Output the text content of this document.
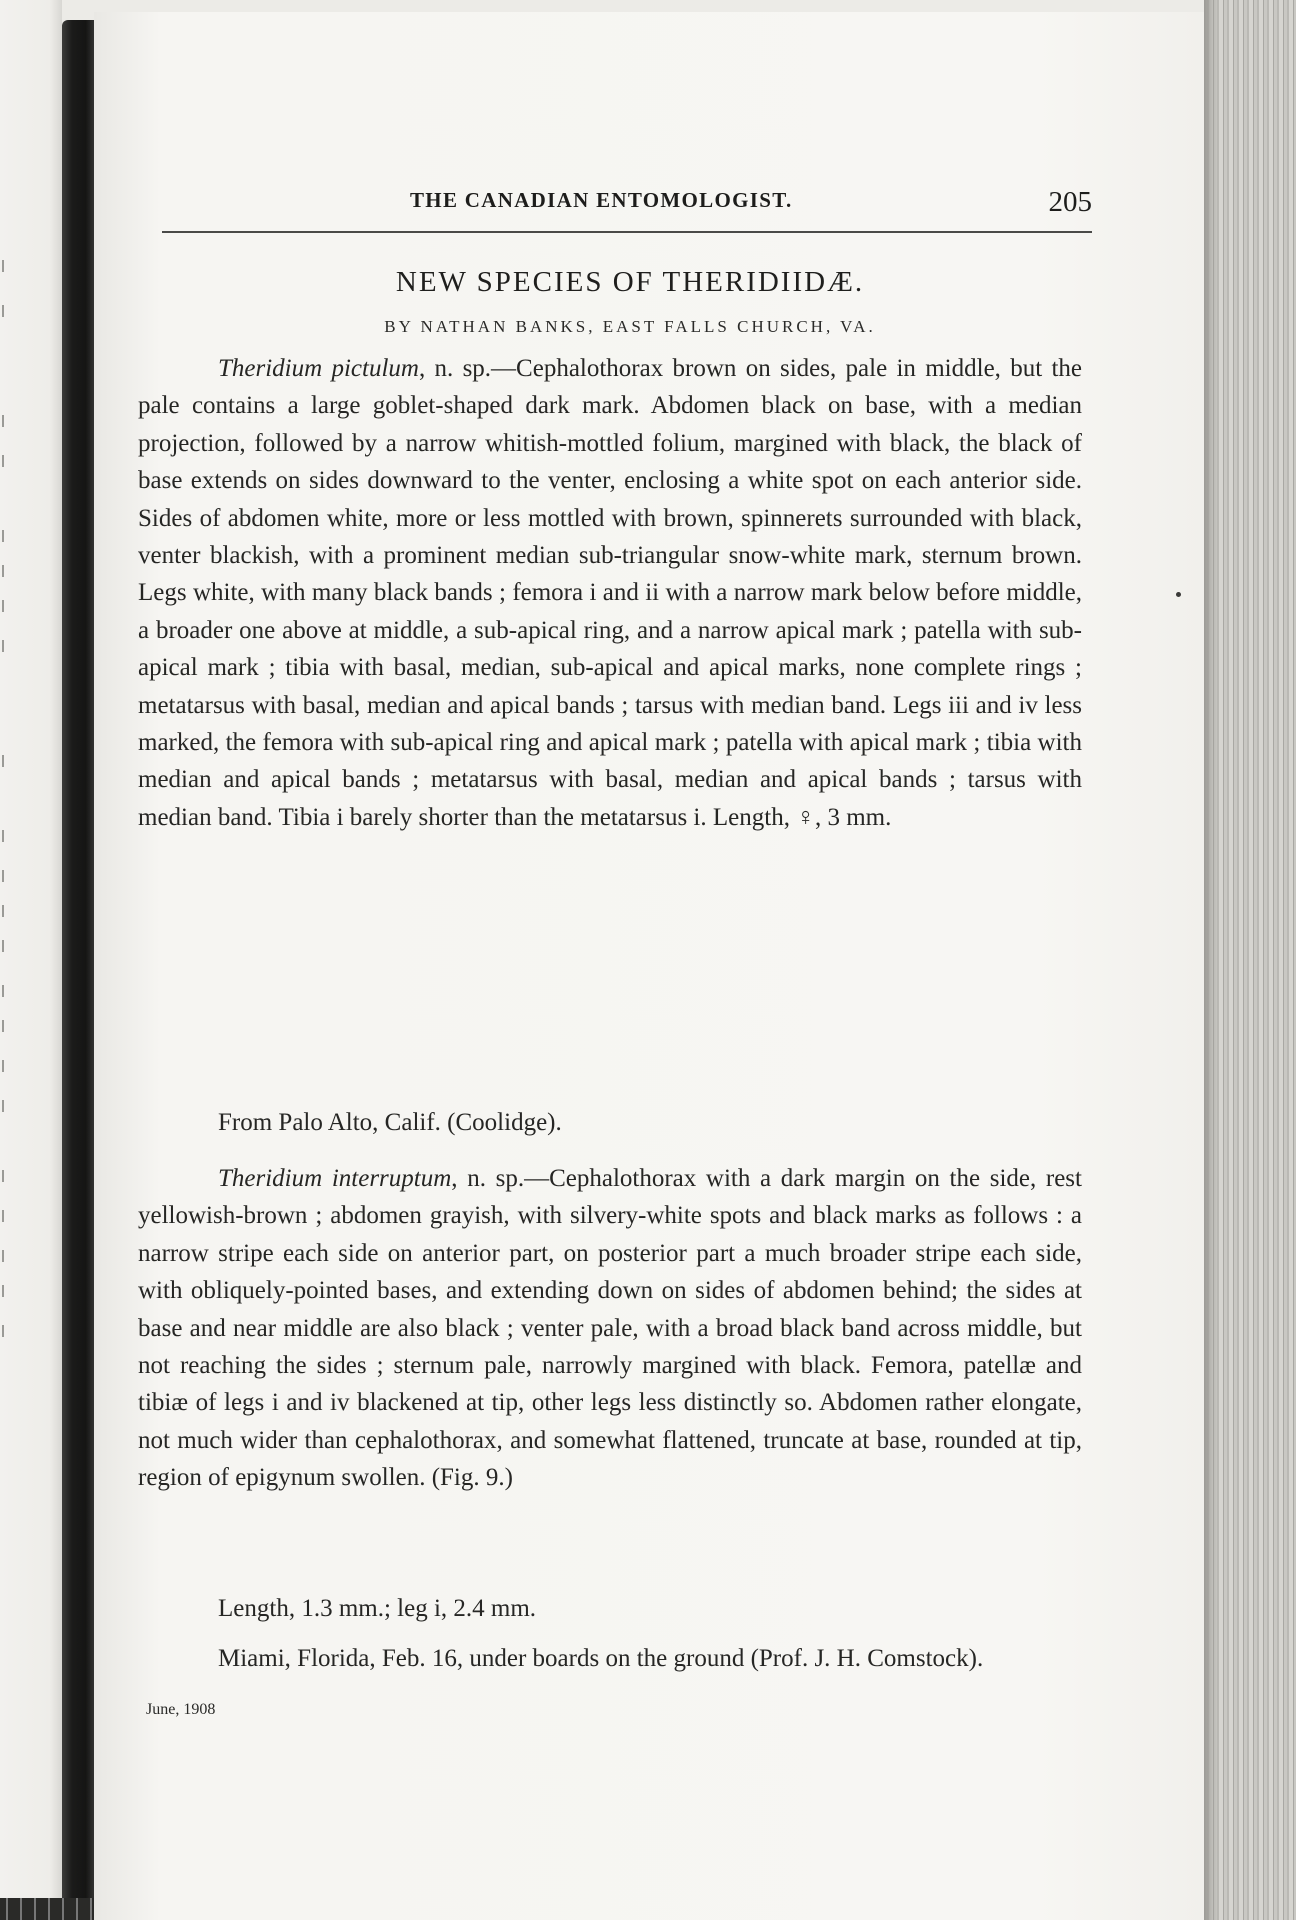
THE CANADIAN ENTOMOLOGIST.	205
NEW SPECIES OF THERIDIIDÆ.
BY NATHAN BANKS, EAST FALLS CHURCH, VA.

Theridium pictulum, n. sp.—Cephalothorax brown on sides, pale in middle, but the pale contains a large goblet-shaped dark mark. Abdomen black on base, with a median projection, followed by a narrow whitish-mottled folium, margined with black, the black of base extends on sides downward to the venter, enclosing a white spot on each anterior side. Sides of abdomen white, more or less mottled with brown, spinnerets surrounded with black, venter blackish, with a prominent median sub-triangular snow-white mark, sternum brown. Legs white, with many black bands ; femora i and ii with a narrow mark below before middle, a broader one above at middle, a sub-apical ring, and a narrow apical mark ; patella with sub-apical mark ; tibia with basal, median, sub-apical and apical marks, none complete rings ; metatarsus with basal, median and apical bands ; tarsus with median band. Legs iii and iv less marked, the femora with sub-apical ring and apical mark ; patella with apical mark ; tibia with median and apical bands ; metatarsus with basal, median and apical bands ; tarsus with median band. Tibia i barely shorter than the metatarsus i. Length, ♀, 3 mm.

From Palo Alto, Calif. (Coolidge).

Theridium interruptum, n. sp.—Cephalothorax with a dark margin on the side, rest yellowish-brown ; abdomen grayish, with silvery-white spots and black marks as follows : a narrow stripe each side on anterior part, on posterior part a much broader stripe each side, with obliquely-pointed bases, and extending down on sides of abdomen behind; the sides at base and near middle are also black ; venter pale, with a broad black band across middle, but not reaching the sides ; sternum pale, narrowly margined with black. Femora, patellæ and tibiæ of legs i and iv blackened at tip, other legs less distinctly so. Abdomen rather elongate, not much wider than cephalothorax, and somewhat flattened, truncate at base, rounded at tip, region of epigynum swollen. (Fig. 9.)

Length, 1.3 mm.; leg i, 2.4 mm.

Miami, Florida, Feb. 16, under boards on the ground (Prof. J. H. Comstock).

June, 1908
